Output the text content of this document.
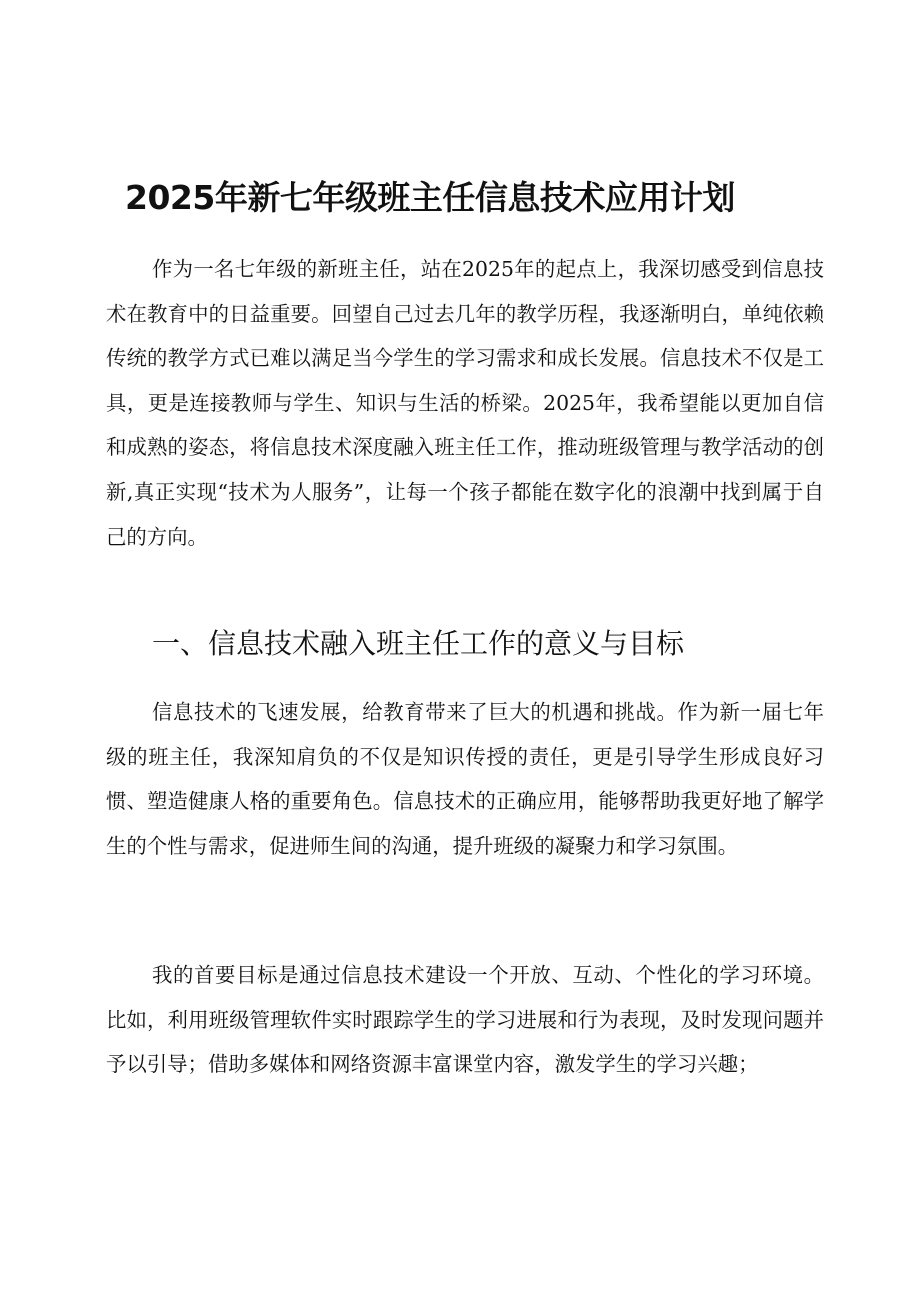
2025年新七年级班主任信息技术应用计划

作为一名七年级的新班主任，站在2025年的起点上，我深切感受到信息技术在教育中的日益重要。回望自己过去几年的教学历程，我逐渐明白，单纯依赖传统的教学方式已难以满足当今学生的学习需求和成长发展。信息技术不仅是工具，更是连接教师与学生、知识与生活的桥梁。2025年，我希望能以更加自信和成熟的姿态，将信息技术深度融入班主任工作，推动班级管理与教学活动的创新,真正实现“技术为人服务”，让每一个孩子都能在数字化的浪潮中找到属于自己的方向。

一、信息技术融入班主任工作的意义与目标

信息技术的飞速发展，给教育带来了巨大的机遇和挑战。作为新一届七年级的班主任，我深知肩负的不仅是知识传授的责任，更是引导学生形成良好习惯、塑造健康人格的重要角色。信息技术的正确应用，能够帮助我更好地了解学生的个性与需求，促进师生间的沟通，提升班级的凝聚力和学习氛围。

我的首要目标是通过信息技术建设一个开放、互动、个性化的学习环境。比如，利用班级管理软件实时跟踪学生的学习进展和行为表现，及时发现问题并予以引导；借助多媒体和网络资源丰富课堂内容，激发学生的学习兴趣；
